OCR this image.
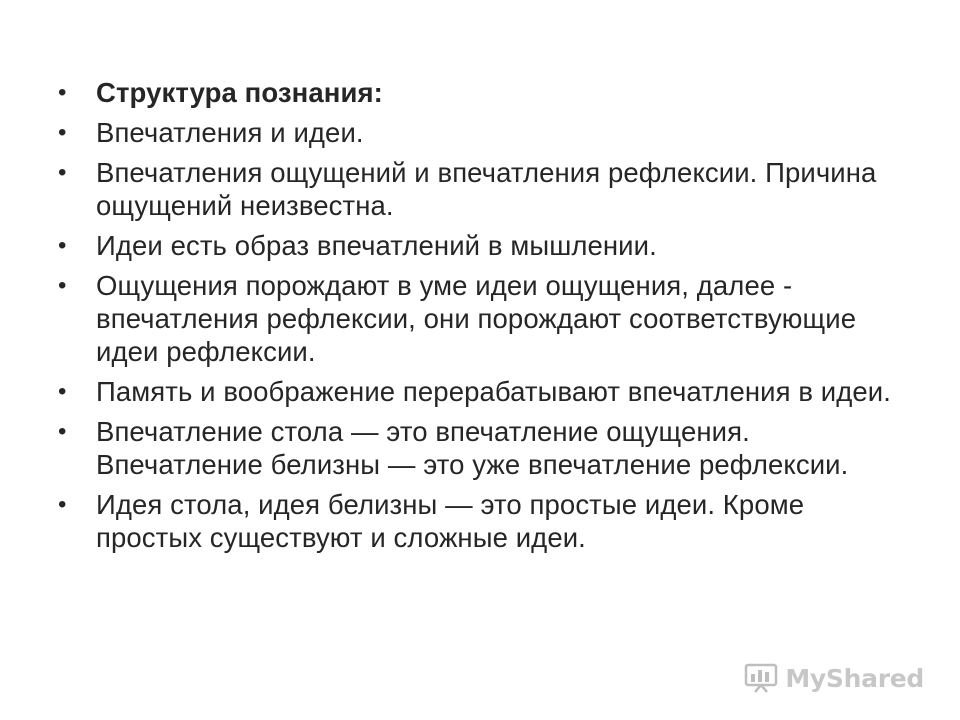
•	Структура познания:
•	Впечатления и идеи.
•	Впечатления ощущений и впечатления рефлексии. Причина ощущений неизвестна.
•	Идеи есть образ впечатлений в мышлении.
•	Ощущения порождают в уме идеи ощущения, далее - впечатления рефлексии, они порождают соответствующие идеи рефлексии.
•	Память и воображение перерабатывают впечатления в идеи.
•	Впечатление стола — это впечатление ощущения. Впечатление белизны — это уже впечатление рефлексии.
•	Идея стола, идея белизны — это простые идеи. Кроме простых существуют и сложные идеи.
MyShared
